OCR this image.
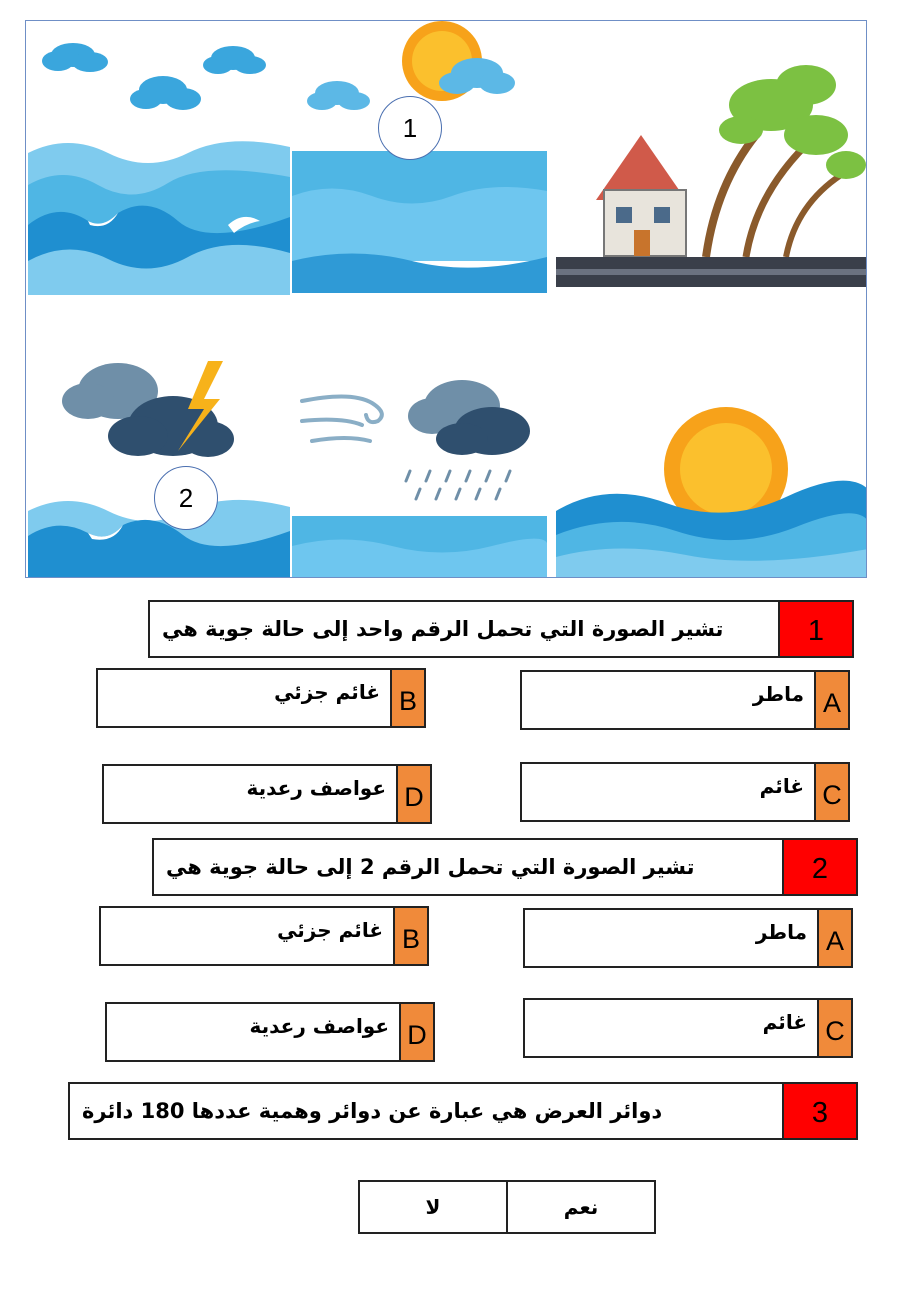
1
2
تشير الصورة التي تحمل الرقم واحد إلى حالة جوية هي	1
ماطر A
غائم جزئي B
غائم C
عواصف رعدية D
تشير الصورة التي تحمل الرقم 2 إلى حالة جوية هي	2
ماطر A
غائم جزئي B
غائم C
عواصف رعدية D
دوائر العرض هي عبارة عن دوائر وهمية عددها 180 دائرة	3
نعم
لا
